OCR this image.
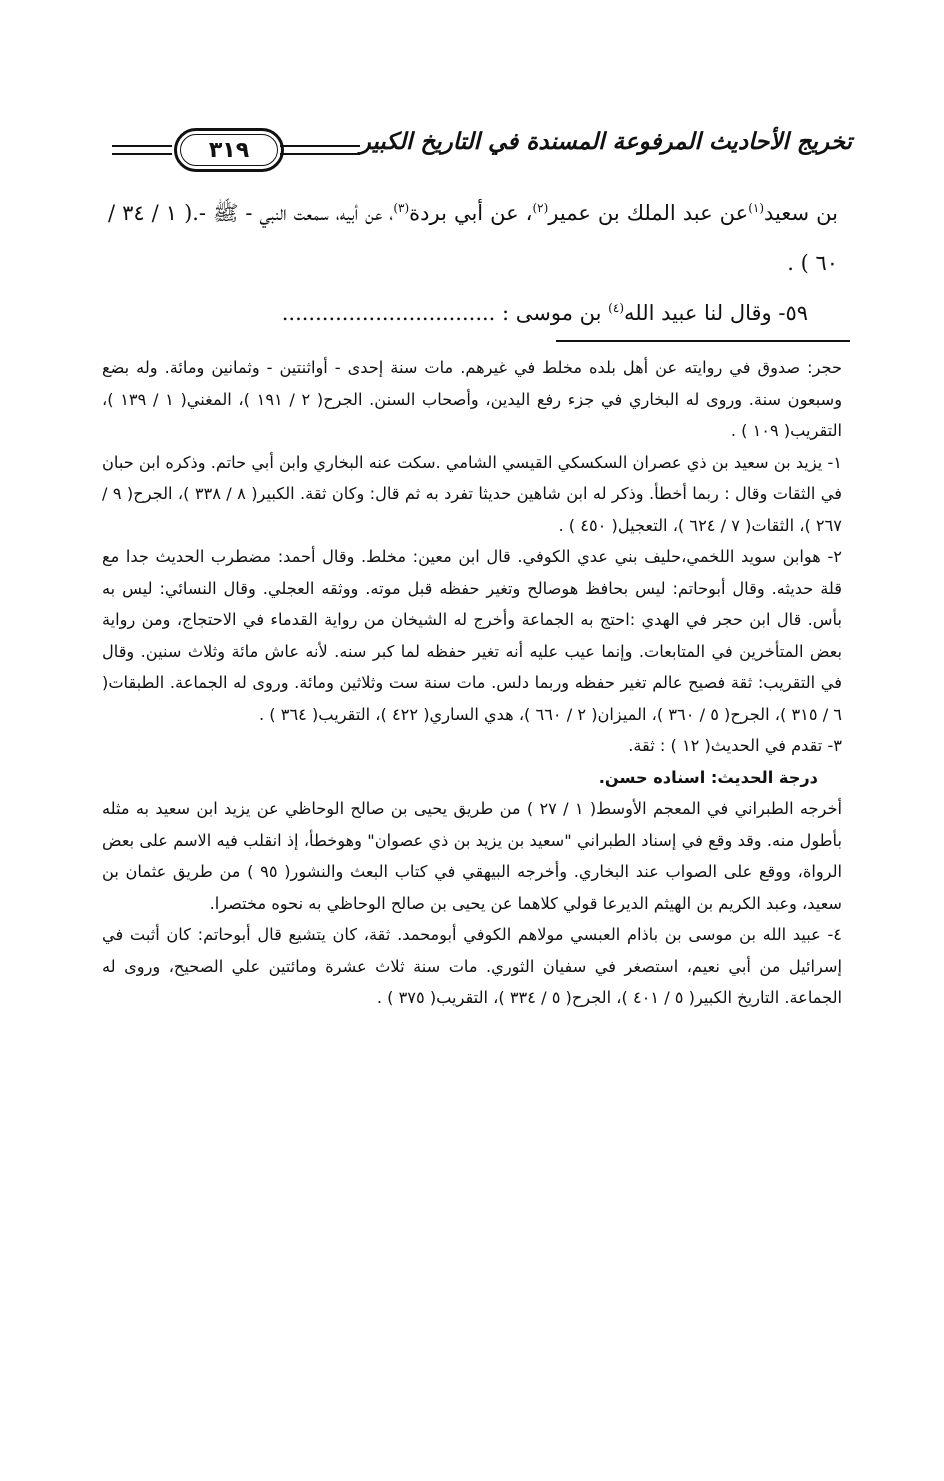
تخريج الأحاديث المرفوعة المسندة في التاريخ الكبير
٣١٩

بن سعيد$^{(١)}$عن عبد الملك بن عمير$^{(٢)}$، عن أبي بردة$^{(٣)}$، عن أبيه، سمعت النبي - ﷺ -.( ١ / ٣٤ / ٦٠ ) .

٥٩- وقال لنا عبيد الله$^{(٤)}$ بن موسى : ................................

حجر: صدوق في روايته عن أهل بلده مخلط في غيرهم. مات سنة إحدى - أواثنتين - وثمانين ومائة. وله بضع وسبعون سنة. وروى له البخاري في جزء رفع اليدين، وأصحاب السنن. الجرح( ٢ / ١٩١ )، المغني( ١ / ١٣٩ )، التقريب( ١٠٩ ) .

١- يزيد بن سعيد بن ذي عصران السكسكي القيسي الشامي .سكت عنه البخاري وابن أبي حاتم. وذكره ابن حبان في الثقات وقال : ربما أخطأ. وذكر له ابن شاهين حديثا تفرد به ثم قال: وكان ثقة. الكبير( ٨ / ٣٣٨ )، الجرح( ٩ / ٢٦٧ )، الثقات( ٧ / ٦٢٤ )، التعجيل( ٤٥٠ ) .

٢- هوابن سويد اللخمي،حليف بني عدي الكوفي. قال ابن معين: مخلط. وقال أحمد: مضطرب الحديث جدا مع قلة حديثه. وقال أبوحاتم: ليس بحافظ هوصالح وتغير حفظه قبل موته. ووثقه العجلي. وقال النسائي: ليس به بأس. قال ابن حجر في الهدي :احتج به الجماعة وأخرج له الشيخان من رواية القدماء في الاحتجاج، ومن رواية بعض المتأخرين في المتابعات. وإنما عيب عليه أنه تغير حفظه لما كبر سنه. لأنه عاش مائة وثلاث سنين. وقال في التقريب: ثقة فصيح عالم تغير حفظه وربما دلس. مات سنة ست وثلاثين ومائة. وروى له الجماعة. الطبقات( ٦ / ٣١٥ )، الجرح( ٥ / ٣٦٠ )، الميزان( ٢ / ٦٦٠ )، هدي الساري( ٤٢٢ )، التقريب( ٣٦٤ ) .

٣- تقدم في الحديث( ١٢ ) : ثقة.

درجة الحديث: اسناده حسن.

أخرجه الطبراني في المعجم الأوسط( ١ / ٢٧ ) من طريق يحيى بن صالح الوحاظي عن يزيد ابن سعيد به مثله بأطول منه. وقد وقع في إسناد الطبراني "سعيد بن يزيد بن ذي عصوان" وهوخطأ، إذ انقلب فيه الاسم على بعض الرواة، ووقع على الصواب عند البخاري. وأخرجه البيهقي في كتاب البعث والنشور( ٩٥ ) من طريق عثمان بن سعيد، وعبد الكريم بن الهيثم الديرعا قولي كلاهما عن يحيى بن صالح الوحاظي به نحوه مختصرا.

٤- عبيد الله بن موسى بن باذام العبسي مولاهم الكوفي أبومحمد. ثقة، كان يتشيع قال أبوحاتم: كان أثبت في إسرائيل من أبي نعيم، استصغر في سفيان الثوري. مات سنة ثلاث عشرة ومائتين علي الصحيح، وروى له الجماعة. التاريخ الكبير( ٥ / ٤٠١ )، الجرح( ٥ / ٣٣٤ )، التقريب( ٣٧٥ ) .
